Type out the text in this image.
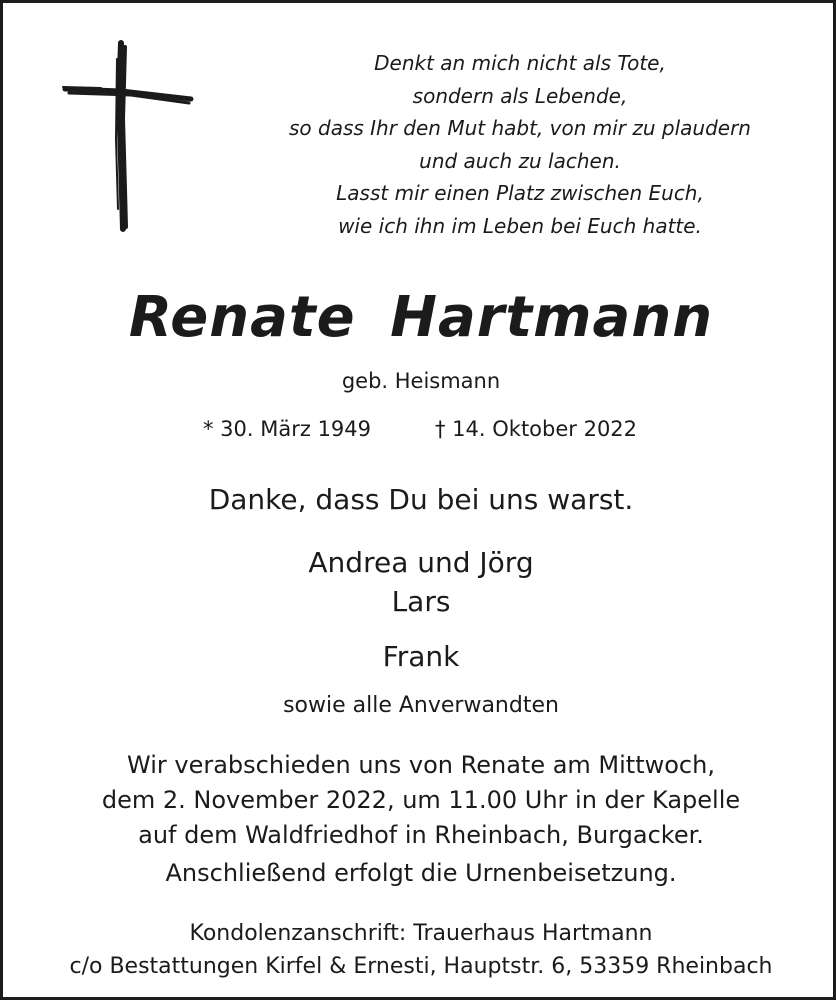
Denkt an mich nicht als Tote,
sondern als Lebende,
so dass Ihr den Mut habt, von mir zu plaudern
und auch zu lachen.
Lasst mir einen Platz zwischen Euch,
wie ich ihn im Leben bei Euch hatte.
Renate Hartmann
geb. Heismann
* 30. März 1949	† 14. Oktober 2022
Danke, dass Du bei uns warst.
Andrea und Jörg
Lars
Frank
sowie alle Anverwandten
Wir verabschieden uns von Renate am Mittwoch,
dem 2. November 2022, um 11.00 Uhr in der Kapelle
auf dem Waldfriedhof in Rheinbach, Burgacker.
Anschließend erfolgt die Urnenbeisetzung.
Kondolenzanschrift: Trauerhaus Hartmann
c/o Bestattungen Kirfel & Ernesti, Hauptstr. 6, 53359 Rheinbach
